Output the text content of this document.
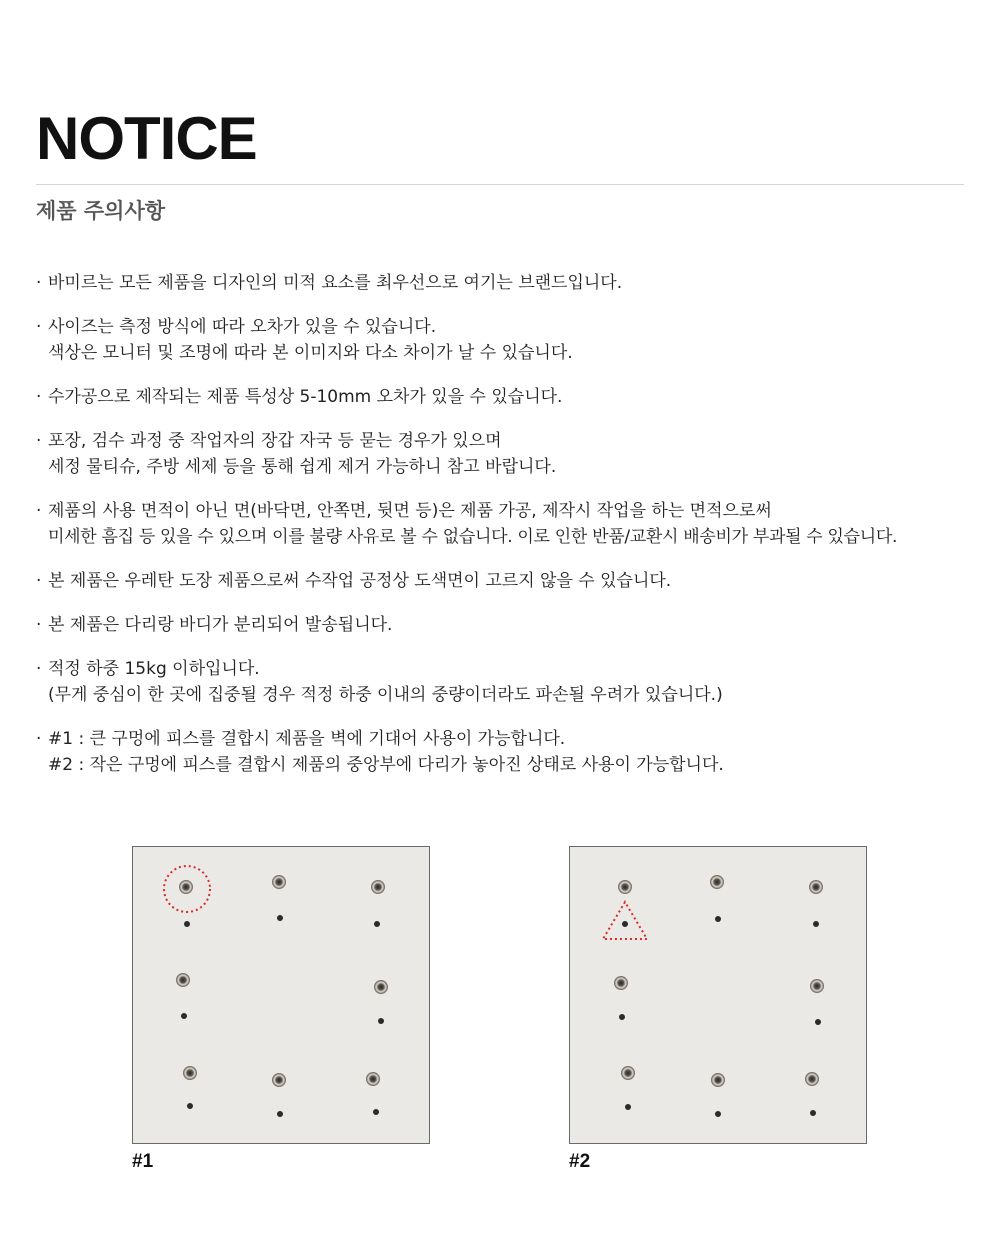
NOTICE
제품 주의사항
· 바미르는 모든 제품을 디자인의 미적 요소를 최우선으로 여기는 브랜드입니다.
· 사이즈는 측정 방식에 따라 오차가 있을 수 있습니다.
색상은 모니터 및 조명에 따라 본 이미지와 다소 차이가 날 수 있습니다.
· 수가공으로 제작되는 제품 특성상 5-10mm 오차가 있을 수 있습니다.
· 포장, 검수 과정 중 작업자의 장갑 자국 등 묻는 경우가 있으며
세정 물티슈, 주방 세제 등을 통해 쉽게 제거 가능하니 참고 바랍니다.
· 제품의 사용 면적이 아닌 면(바닥면, 안쪽면, 뒷면 등)은 제품 가공, 제작시 작업을 하는 면적으로써
미세한 흠집 등 있을 수 있으며 이를 불량 사유로 볼 수 없습니다. 이로 인한 반품/교환시 배송비가 부과될 수 있습니다.
· 본 제품은 우레탄 도장 제품으로써 수작업 공정상 도색면이 고르지 않을 수 있습니다.
· 본 제품은 다리랑 바디가 분리되어 발송됩니다.
· 적정 하중 15kg 이하입니다.
(무게 중심이 한 곳에 집중될 경우 적정 하중 이내의 중량이더라도 파손될 우려가 있습니다.)
· #1 : 큰 구멍에 피스를 결합시 제품을 벽에 기대어 사용이 가능합니다.
#2 : 작은 구멍에 피스를 결합시 제품의 중앙부에 다리가 놓아진 상태로 사용이 가능합니다.

#1	#2
